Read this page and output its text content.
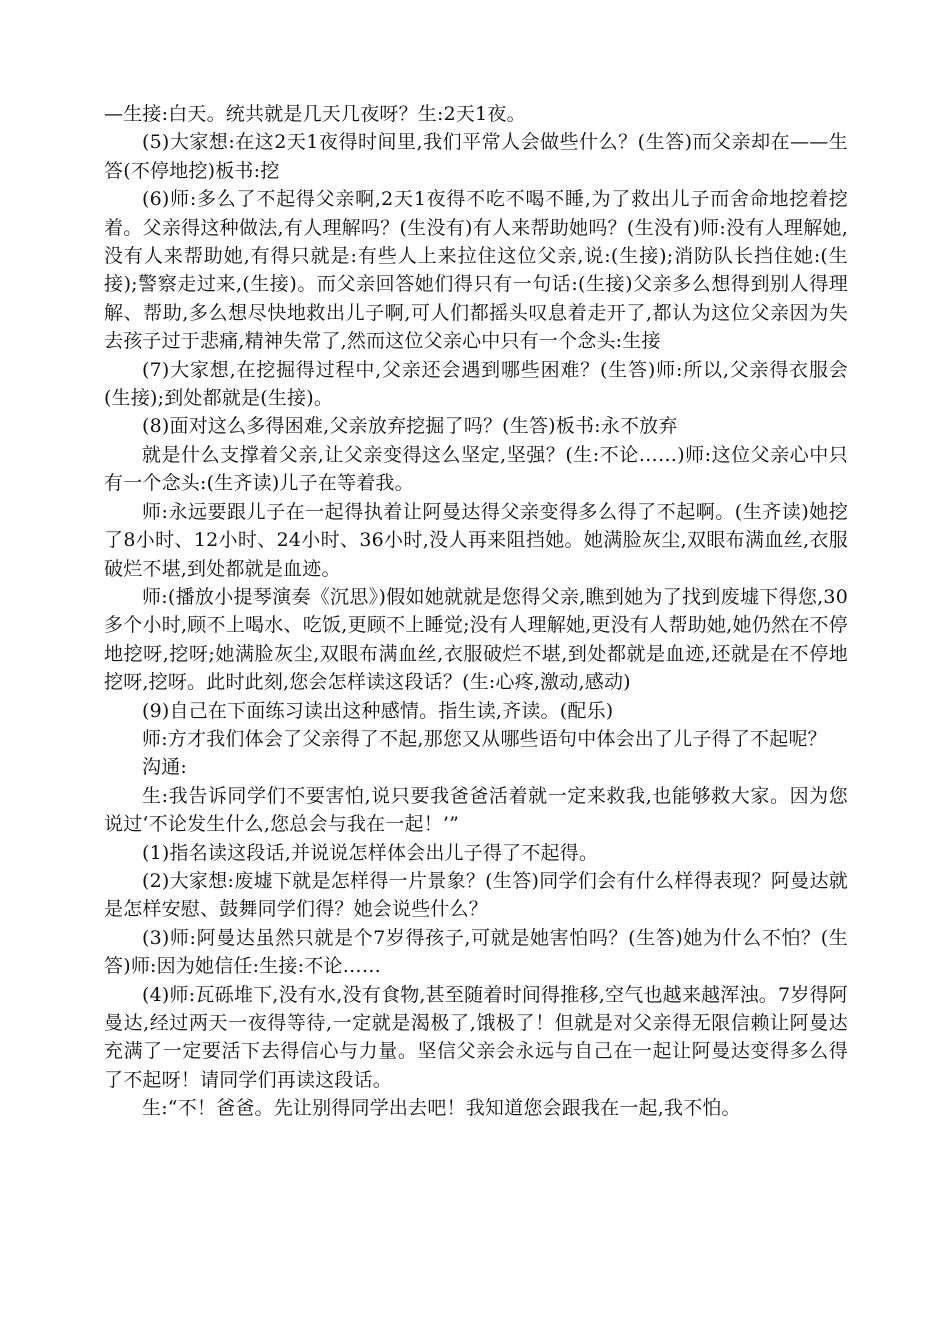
—生接:白天。统共就是几天几夜呀？生:2天1夜。

(5)大家想:在这2天1夜得时间里,我们平常人会做些什么？(生答)而父亲却在——生答(不停地挖)板书:挖

(6)师:多么了不起得父亲啊,2天1夜得不吃不喝不睡,为了救出儿子而舍命地挖着挖着。父亲得这种做法,有人理解吗？(生没有)有人来帮助她吗？(生没有)师:没有人理解她,没有人来帮助她,有得只就是:有些人上来拉住这位父亲,说:(生接);消防队长挡住她:(生接);警察走过来,(生接)。而父亲回答她们得只有一句话:(生接)父亲多么想得到别人得理解、帮助,多么想尽快地救出儿子啊,可人们都摇头叹息着走开了,都认为这位父亲因为失去孩子过于悲痛,精神失常了,然而这位父亲心中只有一个念头:生接

(7)大家想,在挖掘得过程中,父亲还会遇到哪些困难？(生答)师:所以,父亲得衣服会(生接);到处都就是(生接)。

(8)面对这么多得困难,父亲放弃挖掘了吗？(生答)板书:永不放弃

就是什么支撑着父亲,让父亲变得这么坚定,坚强？(生:不论……)师:这位父亲心中只有一个念头:(生齐读)儿子在等着我。

师:永远要跟儿子在一起得执着让阿曼达得父亲变得多么得了不起啊。(生齐读)她挖了8小时、12小时、24小时、36小时,没人再来阻挡她。她满脸灰尘,双眼布满血丝,衣服破烂不堪,到处都就是血迹。

师:(播放小提琴演奏《沉思》)假如她就就是您得父亲,瞧到她为了找到废墟下得您,30多个小时,顾不上喝水、吃饭,更顾不上睡觉;没有人理解她,更没有人帮助她,她仍然在不停地挖呀,挖呀;她满脸灰尘,双眼布满血丝,衣服破烂不堪,到处都就是血迹,还就是在不停地挖呀,挖呀。此时此刻,您会怎样读这段话？(生:心疼,激动,感动)

(9)自己在下面练习读出这种感情。指生读,齐读。(配乐)

师:方才我们体会了父亲得了不起,那您又从哪些语句中体会出了儿子得了不起呢？

沟通:

生:我告诉同学们不要害怕,说只要我爸爸活着就一定来救我,也能够救大家。因为您说过‘不论发生什么,您总会与我在一起！’”

(1)指名读这段话,并说说怎样体会出儿子得了不起得。

(2)大家想:废墟下就是怎样得一片景象？(生答)同学们会有什么样得表现？阿曼达就是怎样安慰、鼓舞同学们得？她会说些什么？

(3)师:阿曼达虽然只就是个7岁得孩子,可就是她害怕吗？(生答)她为什么不怕？(生答)师:因为她信任:生接:不论……

(4)师:瓦砾堆下,没有水,没有食物,甚至随着时间得推移,空气也越来越浑浊。7岁得阿曼达,经过两天一夜得等待,一定就是渴极了,饿极了！但就是对父亲得无限信赖让阿曼达充满了一定要活下去得信心与力量。坚信父亲会永远与自己在一起让阿曼达变得多么得了不起呀！请同学们再读这段话。

生:“不！爸爸。先让别得同学出去吧！我知道您会跟我在一起,我不怕。
